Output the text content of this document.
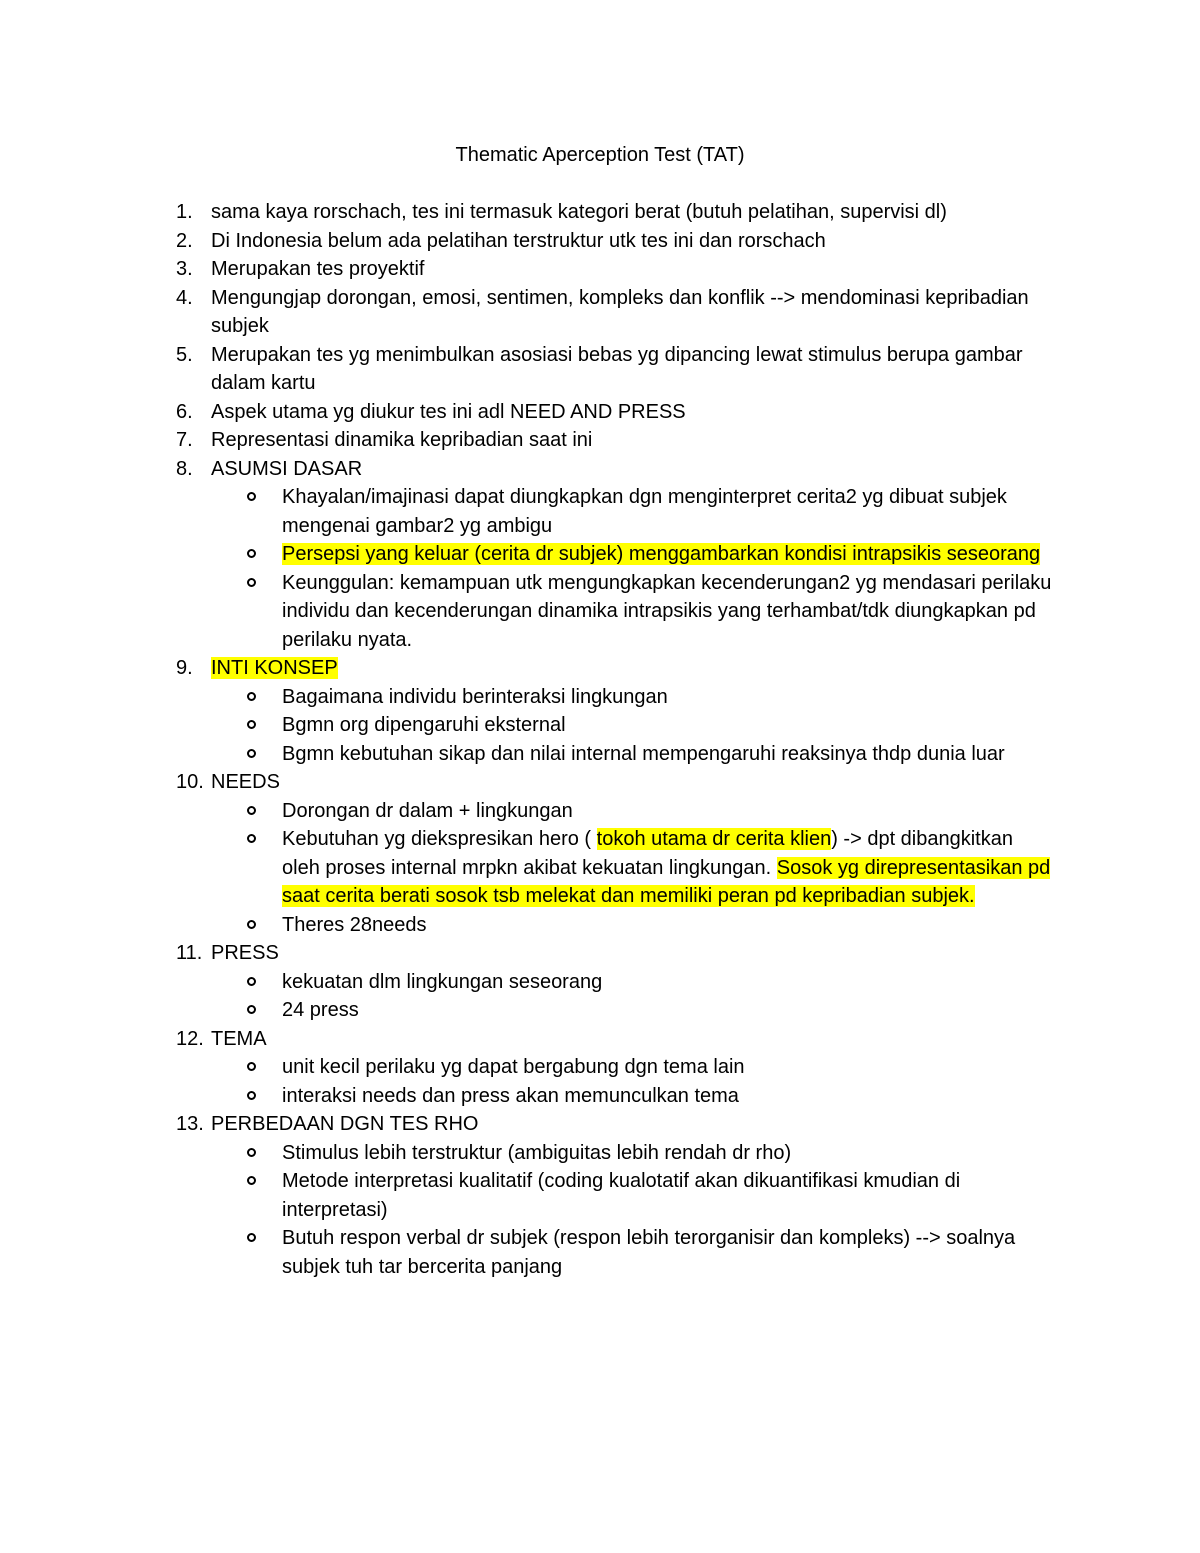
Thematic Aperception Test (TAT)
1. sama kaya rorschach, tes ini termasuk kategori berat (butuh pelatihan, supervisi dl)
2. Di Indonesia belum ada pelatihan terstruktur utk tes ini dan rorschach
3. Merupakan tes proyektif
4. Mengungjap dorongan, emosi, sentimen, kompleks dan konflik --> mendominasi kepribadian subjek
5. Merupakan tes yg menimbulkan asosiasi bebas yg dipancing lewat stimulus berupa gambar dalam kartu
6. Aspek utama yg diukur tes ini adl NEED AND PRESS
7. Representasi dinamika kepribadian saat ini
8. ASUMSI DASAR
Khayalan/imajinasi dapat diungkapkan dgn menginterpret cerita2 yg dibuat subjek mengenai gambar2 yg ambigu
Persepsi yang keluar (cerita dr subjek) menggambarkan kondisi intrapsikis seseorang
Keunggulan: kemampuan utk mengungkapkan kecenderungan2 yg mendasari perilaku individu dan kecenderungan dinamika intrapsikis yang terhambat/tdk diungkapkan pd perilaku nyata.
9. INTI KONSEP
Bagaimana individu berinteraksi lingkungan
Bgmn org dipengaruhi eksternal
Bgmn kebutuhan sikap dan nilai internal mempengaruhi reaksinya thdp dunia luar
10. NEEDS
Dorongan dr dalam + lingkungan
Kebutuhan yg diekspresikan hero ( tokoh utama dr cerita klien) -> dpt dibangkitkan oleh proses internal mrpkn akibat kekuatan lingkungan. Sosok yg direpresentasikan pd saat cerita berati sosok tsb melekat dan memiliki peran pd kepribadian subjek.
Theres 28needs
11. PRESS
kekuatan dlm lingkungan seseorang
24 press
12. TEMA
unit kecil perilaku yg dapat bergabung dgn tema lain
interaksi needs dan press akan memunculkan tema
13. PERBEDAAN DGN TES RHO
Stimulus lebih terstruktur (ambiguitas lebih rendah dr rho)
Metode interpretasi kualitatif (coding kualotatif akan dikuantifikasi kmudian di interpretasi)
Butuh respon verbal dr subjek (respon lebih terorganisir dan kompleks) --> soalnya subjek tuh tar bercerita panjang
